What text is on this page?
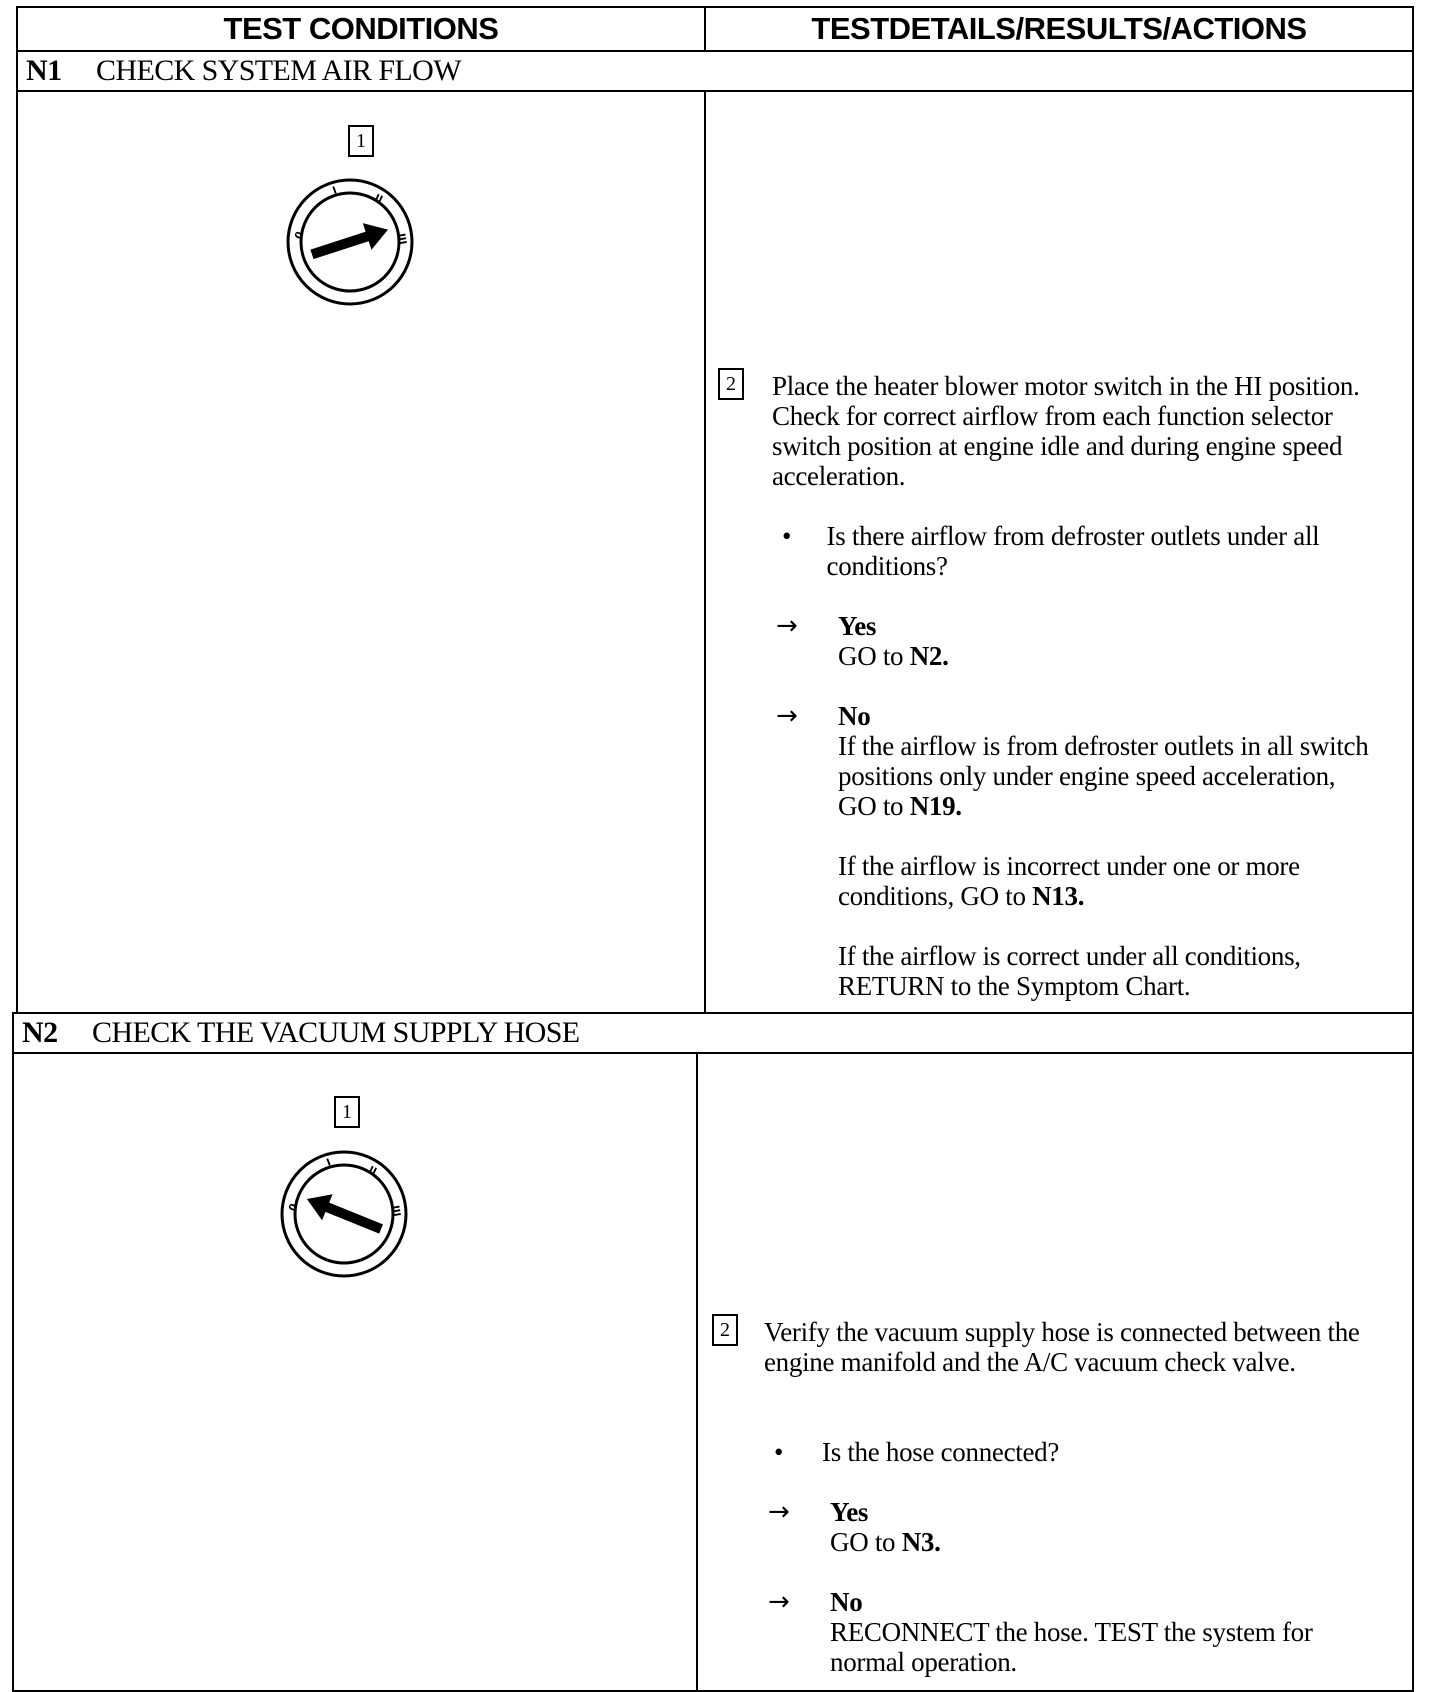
TEST CONDITIONS	TESTDETAILS/RESULTS/ACTIONS
N1	CHECK SYSTEM AIR FLOW
1
0
I
II
III
2 Place the heater blower motor switch in the HI position. Check for correct airflow from each function selector switch position at engine idle and during engine speed acceleration.
•	Is there airflow from defroster outlets under all conditions?
→	Yes
GO to N2.
→	No
If the airflow is from defroster outlets in all switch positions only under engine speed acceleration, GO to N19.
If the airflow is incorrect under one or more conditions, GO to N13.
If the airflow is correct under all conditions, RETURN to the Symptom Chart.
N2	CHECK THE VACUUM SUPPLY HOSE
1
0
I
II
III
2 Verify the vacuum supply hose is connected between the engine manifold and the A/C vacuum check valve.
•	Is the hose connected?
→	Yes
GO to N3.
→	No
RECONNECT the hose. TEST the system for normal operation.
